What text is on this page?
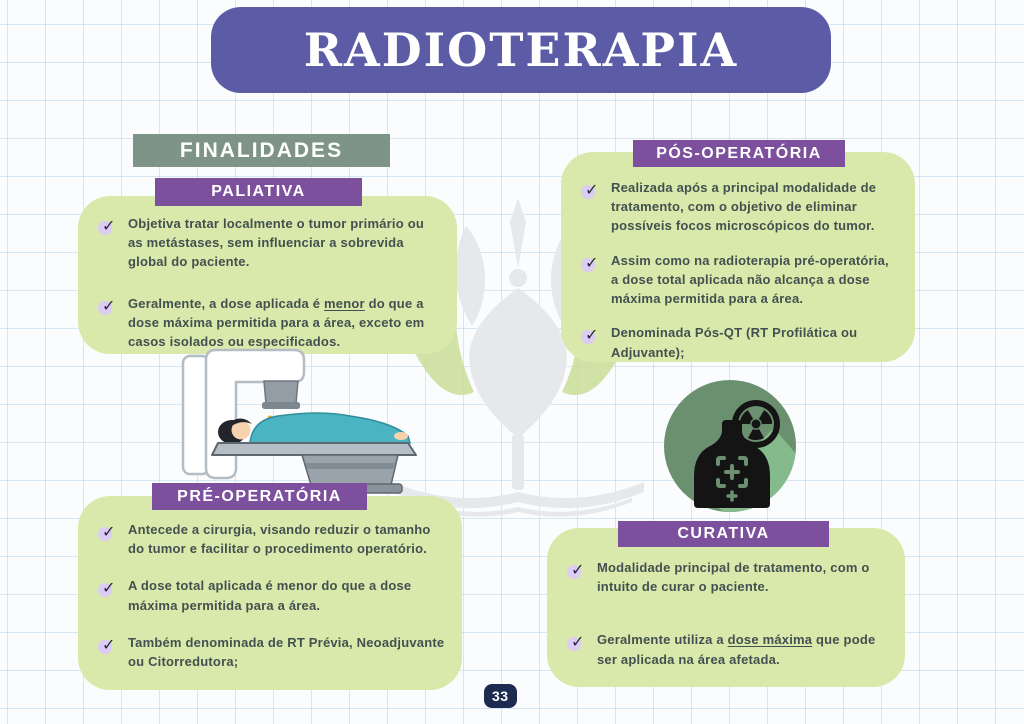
RADIOTERAPIA
FINALIDADES
PALIATIVA
✓ Objetiva tratar localmente o tumor primário ou as metástases, sem influenciar a sobrevida global do paciente.
✓ Geralmente, a dose aplicada é menor do que a dose máxima permitida para a área, exceto em casos isolados ou especificados.
PÓS-OPERATÓRIA
✓ Realizada após a principal modalidade de tratamento, com o objetivo de eliminar possíveis focos microscópicos do tumor.
✓ Assim como na radioterapia pré-operatória, a dose total aplicada não alcança a dose máxima permitida para a área.
✓ Denominada Pós-QT (RT Profilática ou Adjuvante);
PRÉ-OPERATÓRIA
✓ Antecede a cirurgia, visando reduzir o tamanho do tumor e facilitar o procedimento operatório.
✓ A dose total aplicada é menor do que a dose máxima permitida para a área.
✓ Também denominada de RT Prévia, Neoadjuvante ou Citorredutora;
CURATIVA
✓ Modalidade principal de tratamento, com o intuito de curar o paciente.
✓ Geralmente utiliza a dose máxima que pode ser aplicada na área afetada.
33
